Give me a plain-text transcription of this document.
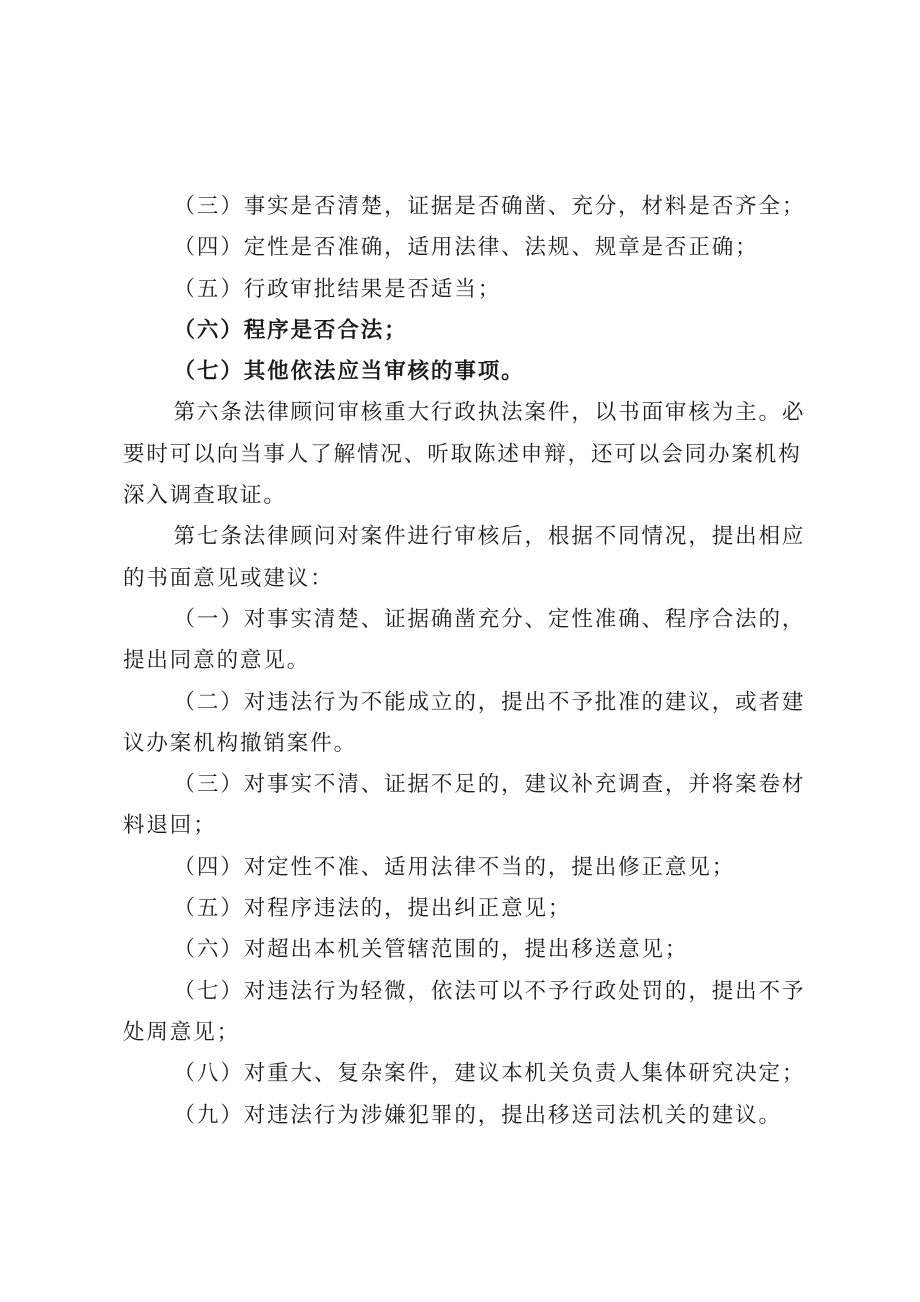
（三）事实是否清楚，证据是否确凿、充分，材料是否齐全；

（四）定性是否准确，适用法律、法规、规章是否正确；

（五）行政审批结果是否适当；

（六）程序是否合法；

（七）其他依法应当审核的事项。

第六条法律顾问审核重大行政执法案件，以书面审核为主。必要时可以向当事人了解情况、听取陈述申辩，还可以会同办案机构深入调查取证。

第七条法律顾问对案件进行审核后，根据不同情况，提出相应的书面意见或建议：

（一）对事实清楚、证据确凿充分、定性准确、程序合法的，提出同意的意见。

（二）对违法行为不能成立的，提出不予批准的建议，或者建议办案机构撤销案件。

（三）对事实不清、证据不足的，建议补充调查，并将案卷材料退回；

（四）对定性不准、适用法律不当的，提出修正意见；

（五）对程序违法的，提出纠正意见；

（六）对超出本机关管辖范围的，提出移送意见；

（七）对违法行为轻微，依法可以不予行政处罚的，提出不予处周意见；

（八）对重大、复杂案件，建议本机关负责人集体研究决定；

（九）对违法行为涉嫌犯罪的，提出移送司法机关的建议。
